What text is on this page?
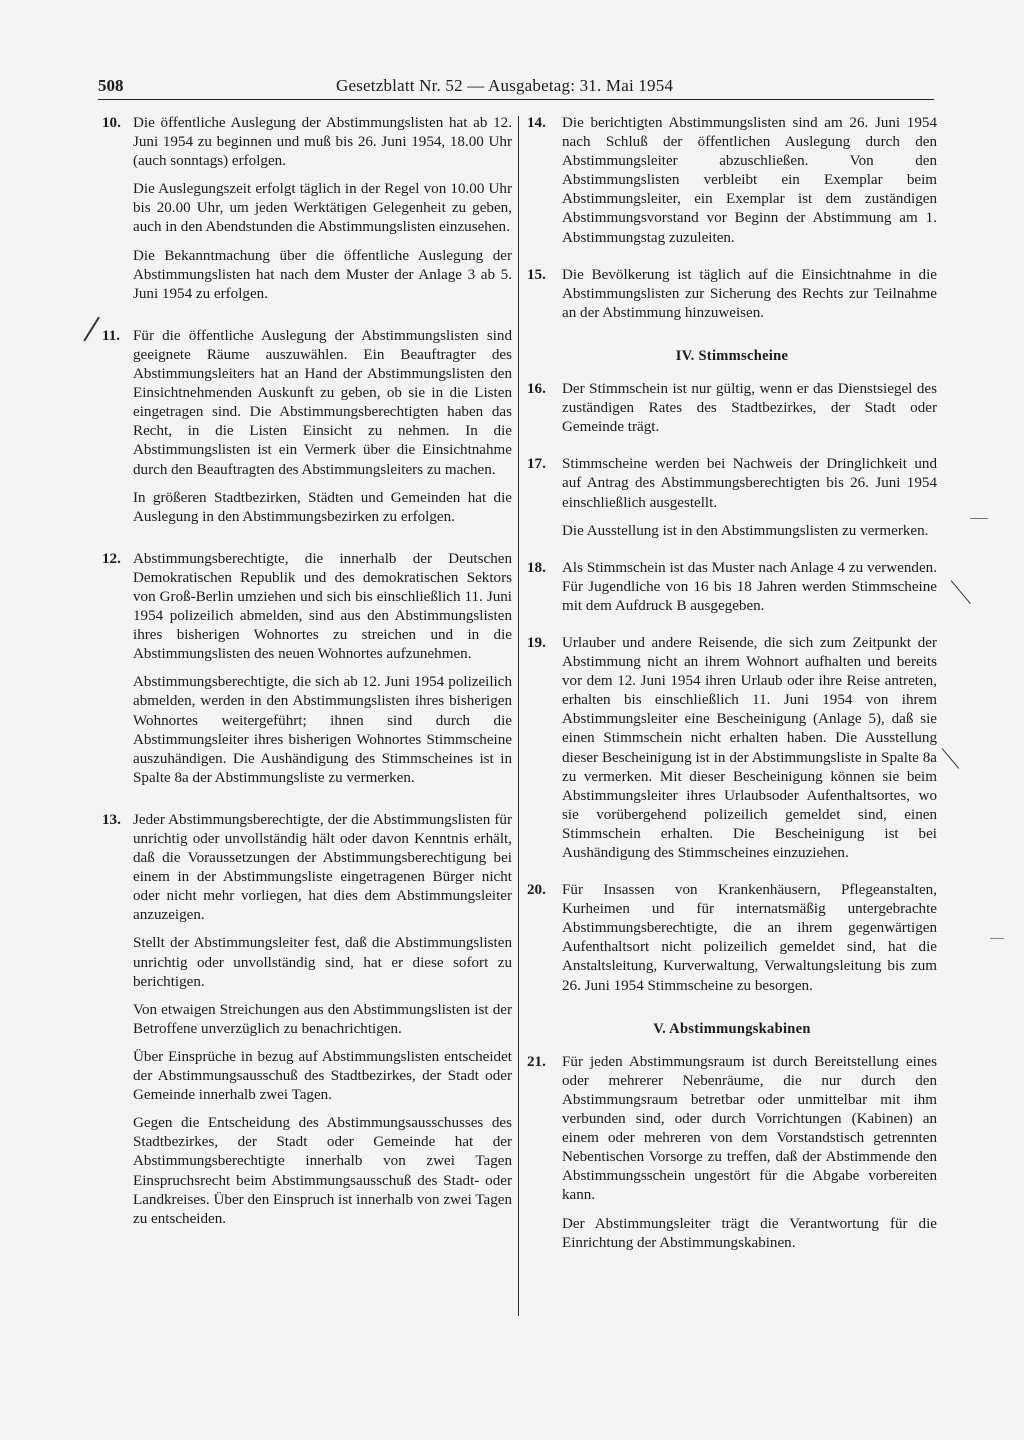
508	Gesetzblatt Nr. 52 — Ausgabetag: 31. Mai 1954
10. Die öffentliche Auslegung der Abstimmungslisten hat ab 12. Juni 1954 zu beginnen und muß bis 26. Juni 1954, 18.00 Uhr (auch sonntags) erfolgen.

Die Auslegungszeit erfolgt täglich in der Regel von 10.00 Uhr bis 20.00 Uhr, um jeden Werktätigen Gelegenheit zu geben, auch in den Abendstunden die Abstimmungslisten einzusehen.

Die Bekanntmachung über die öffentliche Auslegung der Abstimmungslisten hat nach dem Muster der Anlage 3 ab 5. Juni 1954 zu erfolgen.

11. Für die öffentliche Auslegung der Abstimmungslisten sind geeignete Räume auszuwählen. Ein Beauftragter des Abstimmungsleiters hat an Hand der Abstimmungslisten den Einsichtnehmenden Auskunft zu geben, ob sie in die Listen eingetragen sind. Die Abstimmungsberechtigten haben das Recht, in die Listen Einsicht zu nehmen. In die Abstimmungslisten ist ein Vermerk über die Einsichtnahme durch den Beauftragten des Abstimmungsleiters zu machen.

In größeren Stadtbezirken, Städten und Gemeinden hat die Auslegung in den Abstimmungsbezirken zu erfolgen.

12. Abstimmungsberechtigte, die innerhalb der Deutschen Demokratischen Republik und des demokratischen Sektors von Groß-Berlin umziehen und sich bis einschließlich 11. Juni 1954 polizeilich abmelden, sind aus den Abstimmungslisten ihres bisherigen Wohnortes zu streichen und in die Abstimmungslisten des neuen Wohnortes aufzunehmen.

Abstimmungsberechtigte, die sich ab 12. Juni 1954 polizeilich abmelden, werden in den Abstimmungslisten ihres bisherigen Wohnortes weitergeführt; ihnen sind durch die Abstimmungsleiter ihres bisherigen Wohnortes Stimmscheine auszuhändigen. Die Aushändigung des Stimmscheines ist in Spalte 8a der Abstimmungsliste zu vermerken.

13. Jeder Abstimmungsberechtigte, der die Abstimmungslisten für unrichtig oder unvollständig hält oder davon Kenntnis erhält, daß die Voraussetzungen der Abstimmungsberechtigung bei einem in der Abstimmungsliste eingetragenen Bürger nicht oder nicht mehr vorliegen, hat dies dem Abstimmungsleiter anzuzeigen.

Stellt der Abstimmungsleiter fest, daß die Abstimmungslisten unrichtig oder unvollständig sind, hat er diese sofort zu berichtigen.

Von etwaigen Streichungen aus den Abstimmungslisten ist der Betroffene unverzüglich zu benachrichtigen.

Über Einsprüche in bezug auf Abstimmungslisten entscheidet der Abstimmungsausschuß des Stadtbezirkes, der Stadt oder Gemeinde innerhalb zwei Tagen.

Gegen die Entscheidung des Abstimmungsausschusses des Stadtbezirkes, der Stadt oder Gemeinde hat der Abstimmungsberechtigte innerhalb von zwei Tagen Einspruchsrecht beim Abstimmungsausschuß des Stadt- oder Landkreises. Über den Einspruch ist innerhalb von zwei Tagen zu entscheiden.

14. Die berichtigten Abstimmungslisten sind am 26. Juni 1954 nach Schluß der öffentlichen Auslegung durch den Abstimmungsleiter abzuschließen. Von den Abstimmungslisten verbleibt ein Exemplar beim Abstimmungsleiter, ein Exemplar ist dem zuständigen Abstimmungsvorstand vor Beginn der Abstimmung am 1. Abstimmungstag zuzuleiten.

15. Die Bevölkerung ist täglich auf die Einsichtnahme in die Abstimmungslisten zur Sicherung des Rechts zur Teilnahme an der Abstimmung hinzuweisen.

IV. Stimmscheine
16. Der Stimmschein ist nur gültig, wenn er das Dienstsiegel des zuständigen Rates des Stadtbezirkes, der Stadt oder Gemeinde trägt.

17. Stimmscheine werden bei Nachweis der Dringlichkeit und auf Antrag des Abstimmungsberechtigten bis 26. Juni 1954 einschließlich ausgestellt.

Die Ausstellung ist in den Abstimmungslisten zu vermerken.

18. Als Stimmschein ist das Muster nach Anlage 4 zu verwenden. Für Jugendliche von 16 bis 18 Jahren werden Stimmscheine mit dem Aufdruck B ausgegeben.

19. Urlauber und andere Reisende, die sich zum Zeitpunkt der Abstimmung nicht an ihrem Wohnort aufhalten und bereits vor dem 12. Juni 1954 ihren Urlaub oder ihre Reise antreten, erhalten bis einschließlich 11. Juni 1954 von ihrem Abstimmungsleiter eine Bescheinigung (Anlage 5), daß sie einen Stimmschein nicht erhalten haben. Die Ausstellung dieser Bescheinigung ist in der Abstimmungsliste in Spalte 8a zu vermerken. Mit dieser Bescheinigung können sie beim Abstimmungsleiter ihres Urlaubsoder Aufenthaltsortes, wo sie vorübergehend polizeilich gemeldet sind, einen Stimmschein erhalten. Die Bescheinigung ist bei Aushändigung des Stimmscheines einzuziehen.

20. Für Insassen von Krankenhäusern, Pflegeanstalten, Kurheimen und für internatsmäßig untergebrachte Abstimmungsberechtigte, die an ihrem gegenwärtigen Aufenthaltsort nicht polizeilich gemeldet sind, hat die Anstaltsleitung, Kurverwaltung, Verwaltungsleitung bis zum 26. Juni 1954 Stimmscheine zu besorgen.

V. Abstimmungskabinen
21. Für jeden Abstimmungsraum ist durch Bereitstellung eines oder mehrerer Nebenräume, die nur durch den Abstimmungsraum betretbar oder unmittelbar mit ihm verbunden sind, oder durch Vorrichtungen (Kabinen) an einem oder mehreren von dem Vorstandstisch getrennten Nebentischen Vorsorge zu treffen, daß der Abstimmende den Abstimmungsschein ungestört für die Abgabe vorbereiten kann.

Der Abstimmungsleiter trägt die Verantwortung für die Einrichtung der Abstimmungskabinen.
